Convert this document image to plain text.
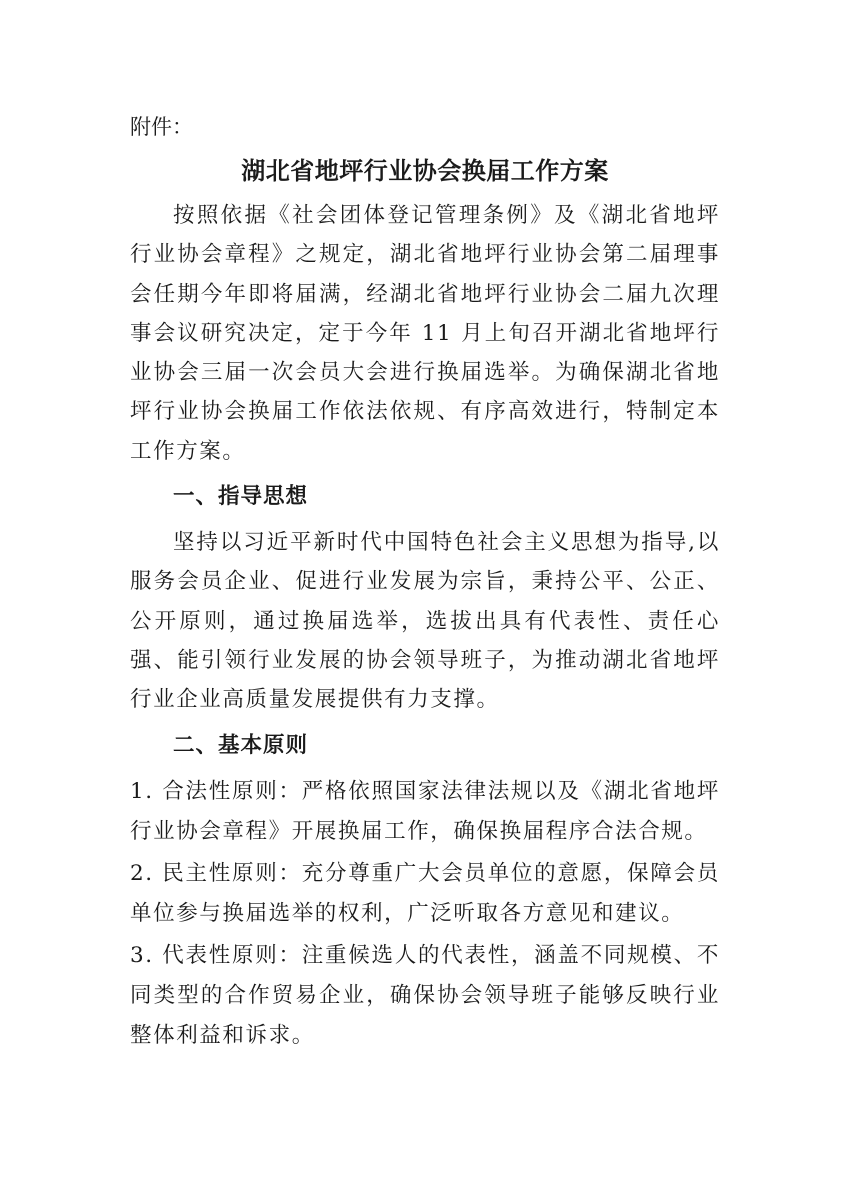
附件：

湖北省地坪行业协会换届工作方案

按照依据《社会团体登记管理条例》及《湖北省地坪行业协会章程》之规定，湖北省地坪行业协会第二届理事会任期今年即将届满，经湖北省地坪行业协会二届九次理事会议研究决定，定于今年 11 月上旬召开湖北省地坪行业协会三届一次会员大会进行换届选举。为确保湖北省地坪行业协会换届工作依法依规、有序高效进行，特制定本工作方案。

一、指导思想

坚持以习近平新时代中国特色社会主义思想为指导,以服务会员企业、促进行业发展为宗旨，秉持公平、公正、公开原则，通过换届选举，选拔出具有代表性、责任心强、能引领行业发展的协会领导班子，为推动湖北省地坪行业企业高质量发展提供有力支撑。

二、基本原则

1. 合法性原则：严格依照国家法律法规以及《湖北省地坪行业协会章程》开展换届工作，确保换届程序合法合规。

2. 民主性原则：充分尊重广大会员单位的意愿，保障会员单位参与换届选举的权利，广泛听取各方意见和建议。

3. 代表性原则：注重候选人的代表性，涵盖不同规模、不同类型的合作贸易企业，确保协会领导班子能够反映行业整体利益和诉求。
